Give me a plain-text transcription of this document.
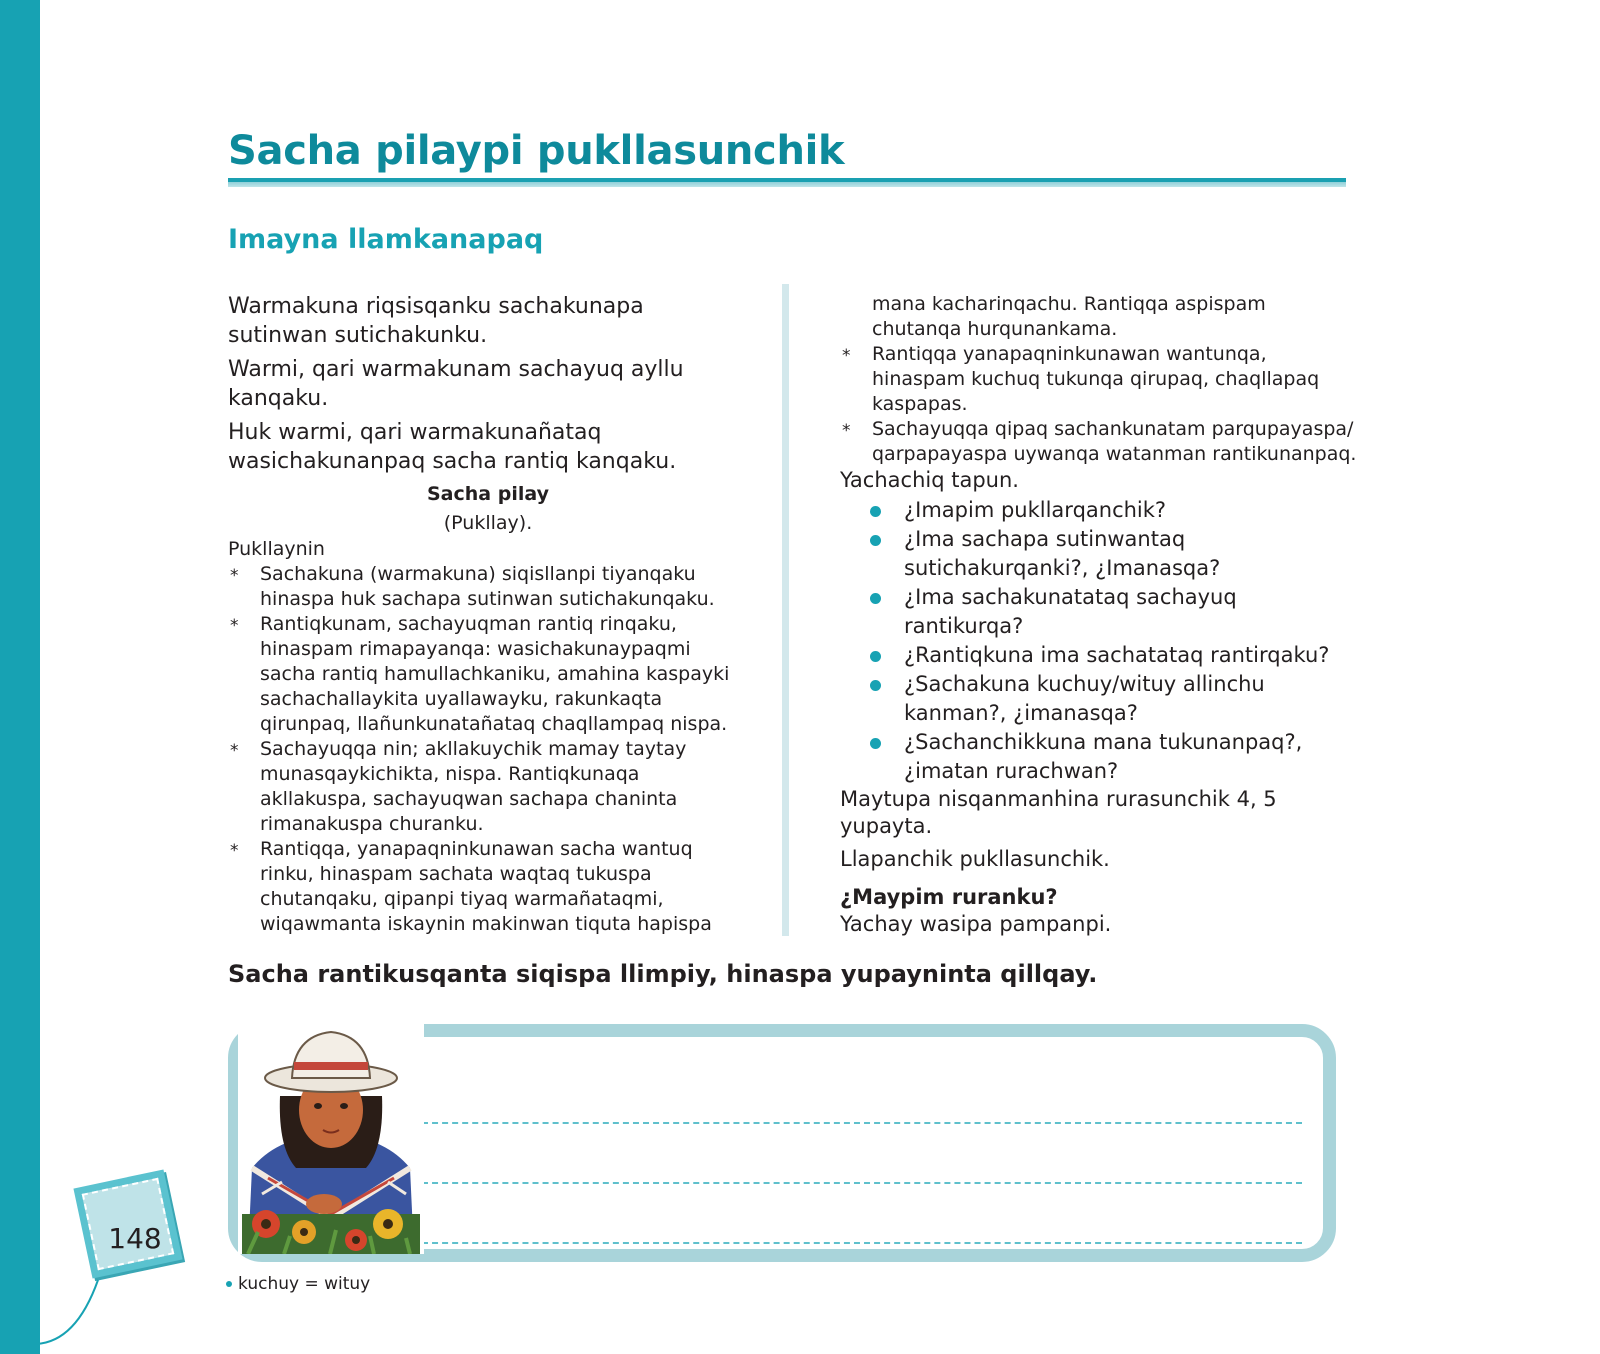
Sacha pilaypi pukllasunchik
Imayna llamkanapaq

Warmakuna riqsisqanku sachakunapa sutinwan sutichakunku.

Warmi, qari warmakunam sachayuq ayllu kanqaku.

Huk warmi, qari warmakunañataq wasichakunanpaq sacha rantiq kanqaku.

Sacha pilay
(Pukllay).

Pukllaynin

* Sachakuna (warmakuna) siqisllanpi tiyanqaku hinaspa huk sachapa sutinwan sutichakunqaku.
* Rantiqkunam, sachayuqman rantiq rinqaku, hinaspam rimapayanqa: wasichakunaypaqmi sacha rantiq hamullachkaniku, amahina kaspayki sachachallaykita uyallawayku, rakunkaqta qirunpaq, llañunkunatañataq chaqllampaq nispa.
* Sachayuqqa nin; akllakuychik mamay taytay munasqaykichikta, nispa. Rantiqkunaqa akllakuspa, sachayuqwan sachapa chaninta rimanakuspa churanku.
* Rantiqqa, yanapaqninkunawan sacha wantuq rinku, hinaspam sachata waqtaq tukuspa chutanqaku, qipanpi tiyaq warmañataqmi, wiqawmanta iskaynin makinwan tiquta hapispa

mana kacharinqachu. Rantiqqa aspispam chutanqa hurqunankama.

* Rantiqqa yanapaqninkunawan wantunqa, hinaspam kuchuq tukunqa qirupaq, chaqllapaq kaspapas.
* Sachayuqqa qipaq sachankunatam parqupayaspa/ qarpapayaspa uywanqa watanman rantikunanpaq.

Yachachiq tapun.

¿Imapim pukllarqanchik?
¿Ima sachapa sutinwantaq sutichakurqanki?, ¿Imanasqa?
¿Ima sachakunatataq sachayuq rantikurqa?
¿Rantiqkuna ima sachatataq rantirqaku?
¿Sachakuna kuchuy/wituy allinchu kanman?, ¿imanasqa?
¿Sachanchikkuna mana tukunanpaq?, ¿imatan rurachwan?

Maytupa nisqanmanhina rurasunchik 4, 5 yupayta.

Llapanchik pukllasunchik.

¿Maypim ruranku?

Yachay wasipa pampanpi.

Sacha rantikusqanta siqispa llimpiy, hinaspa yupayninta qillqay.

148
kuchuy = wituy
